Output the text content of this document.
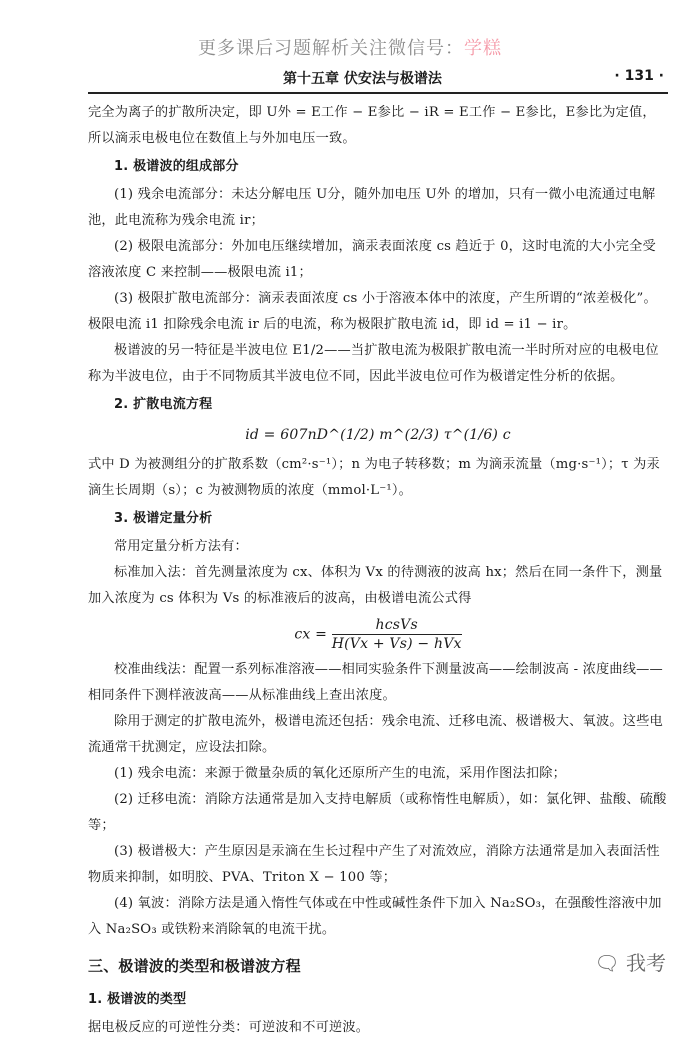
更多课后习题解析关注微信号：学糕
第十五章 伏安法与极谱法	· 131 ·

完全为离子的扩散所决定，即 U外 = E工作 − E参比 − iR = E工作 − E参比，E参比为定值，所以滴汞电极电位在数值上与外加电压一致。

1. 极谱波的组成部分

(1) 残余电流部分：未达分解电压 U分，随外加电压 U外 的增加，只有一微小电流通过电解池，此电流称为残余电流 ir；

(2) 极限电流部分：外加电压继续增加，滴汞表面浓度 cs 趋近于 0，这时电流的大小完全受溶液浓度 C 来控制——极限电流 i1；

(3) 极限扩散电流部分：滴汞表面浓度 cs 小于溶液本体中的浓度，产生所谓的“浓差极化”。极限电流 i1 扣除残余电流 ir 后的电流，称为极限扩散电流 id，即 id = i1 − ir。

极谱波的另一特征是半波电位 E1/2——当扩散电流为极限扩散电流一半时所对应的电极电位称为半波电位，由于不同物质其半波电位不同，因此半波电位可作为极谱定性分析的依据。

2. 扩散电流方程

id = 607nD^(1/2) m^(2/3) τ^(1/6) c

式中 D 为被测组分的扩散系数（cm²·s⁻¹）；n 为电子转移数；m 为滴汞流量（mg·s⁻¹）；τ 为汞滴生长周期（s）；c 为被测物质的浓度（mmol·L⁻¹）。

3. 极谱定量分析

常用定量分析方法有：

标准加入法：首先测量浓度为 cx、体积为 Vx 的待测液的波高 hx；然后在同一条件下，测量加入浓度为 cs 体积为 Vs 的标准液后的波高，由极谱电流公式得

cx = $\frac{\text{hcsVs}}{\text{H(Vx + Vs) − hVx}}$

校准曲线法：配置一系列标准溶液——相同实验条件下测量波高——绘制波高 - 浓度曲线——相同条件下测样液波高——从标准曲线上查出浓度。

除用于测定的扩散电流外，极谱电流还包括：残余电流、迁移电流、极谱极大、氧波。这些电流通常干扰测定，应设法扣除。

(1) 残余电流：来源于微量杂质的氧化还原所产生的电流，采用作图法扣除；

(2) 迁移电流：消除方法通常是加入支持电解质（或称惰性电解质），如：氯化钾、盐酸、硫酸等；

(3) 极谱极大：产生原因是汞滴在生长过程中产生了对流效应，消除方法通常是加入表面活性物质来抑制，如明胶、PVA、Triton X − 100 等；

(4) 氧波：消除方法是通入惰性气体或在中性或碱性条件下加入 Na₂SO₃，在强酸性溶液中加入 Na₂SO₃ 或铁粉来消除氧的电流干扰。

三、极谱波的类型和极谱波方程

1. 极谱波的类型

据电极反应的可逆性分类：可逆波和不可逆波。

🗨 我考
